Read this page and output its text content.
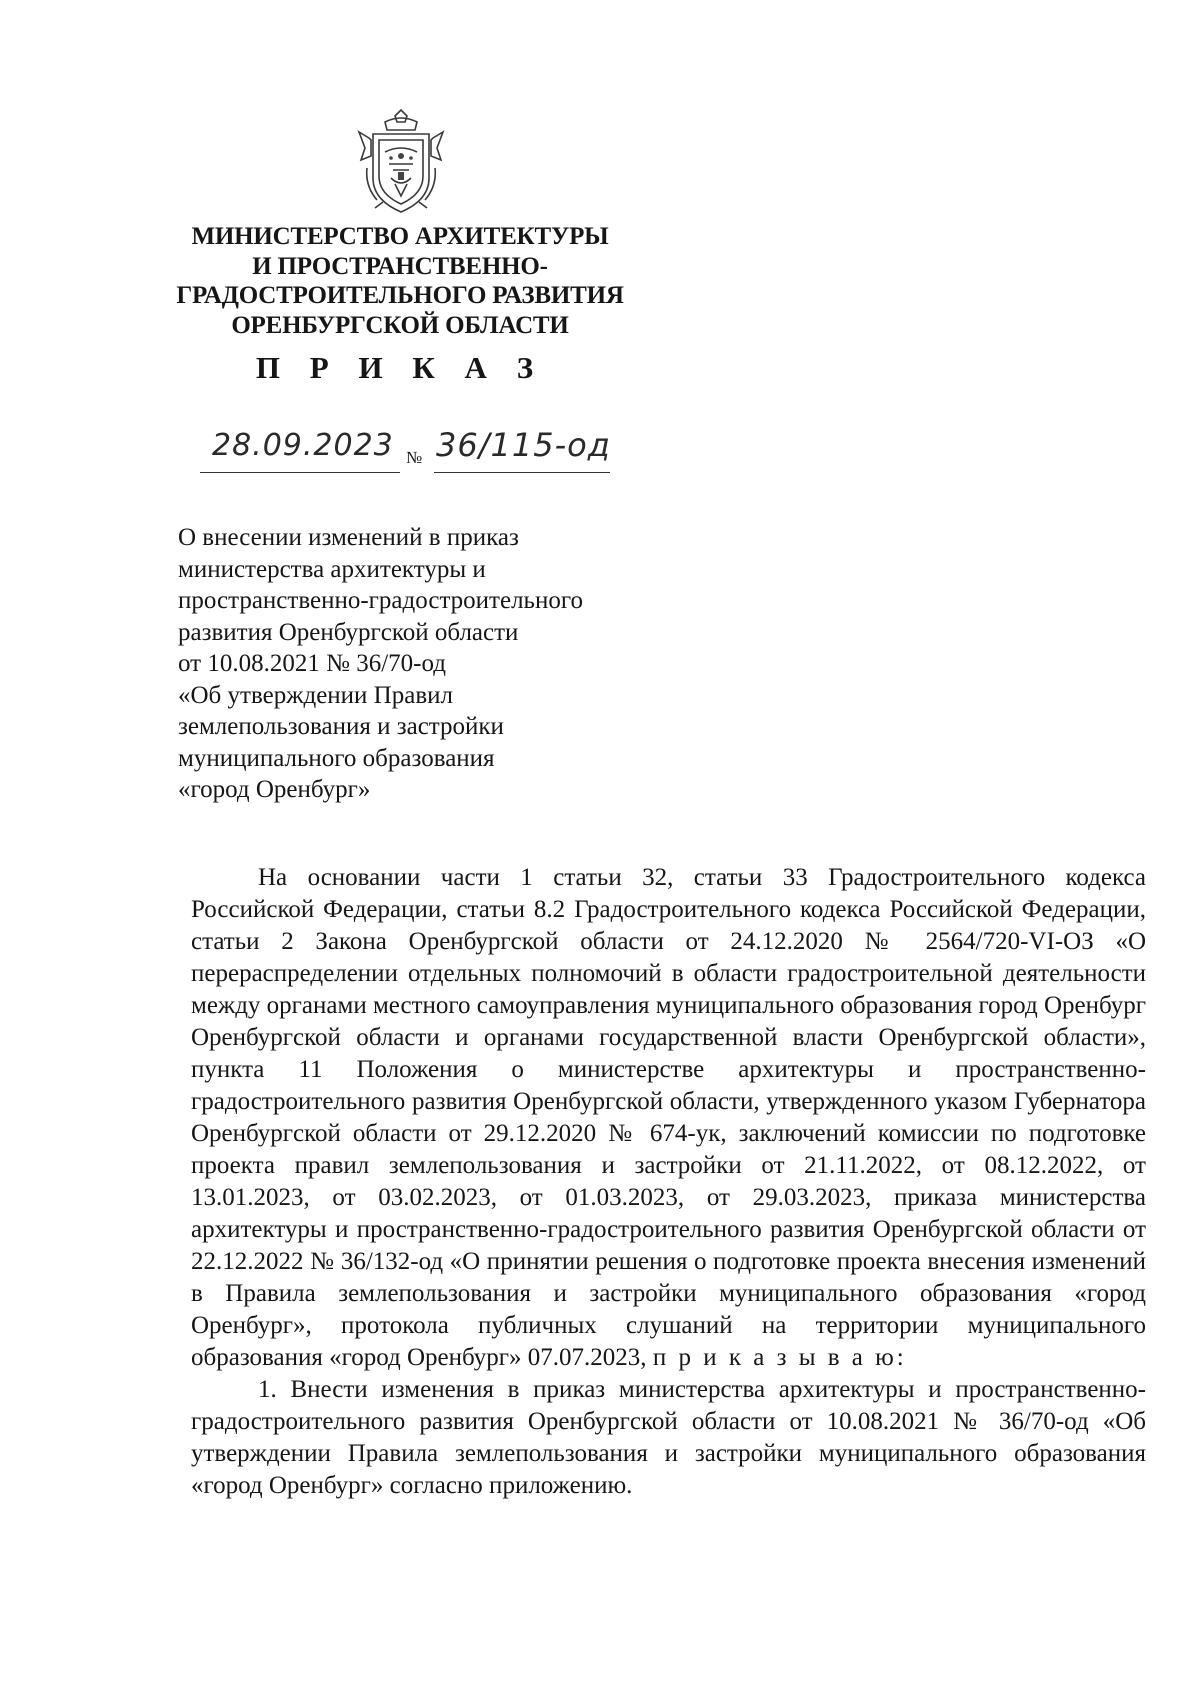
МИНИСТЕРСТВО АРХИТЕКТУРЫ
И ПРОСТРАНСТВЕННО-
ГРАДОСТРОИТЕЛЬНОГО РАЗВИТИЯ
ОРЕНБУРГСКОЙ ОБЛАСТИ
П Р И К А З
28.09.2023 № 36/115-од
О внесении изменений в приказ
министерства архитектуры и
пространственно-градостроительного
развития Оренбургской области
от 10.08.2021 № 36/70-од
«Об утверждении Правил
землепользования и застройки
муниципального образования
«город Оренбург»

На основании части 1 статьи 32, статьи 33 Градостроительного кодекса Российской Федерации, статьи 8.2 Градостроительного кодекса Российской Федерации, статьи 2 Закона Оренбургской области от 24.12.2020 № 2564/720-VI-ОЗ «О перераспределении отдельных полномочий в области градостроительной деятельности между органами местного самоуправления муниципального образования город Оренбург Оренбургской области и органами государственной власти Оренбургской области», пункта 11 Положения о министерстве архитектуры и пространственно-градостроительного развития Оренбургской области, утвержденного указом Губернатора Оренбургской области от 29.12.2020 № 674-ук, заключений комиссии по подготовке проекта правил землепользования и застройки от 21.11.2022, от 08.12.2022, от 13.01.2023, от 03.02.2023, от 01.03.2023, от 29.03.2023, приказа министерства архитектуры и пространственно-градостроительного развития Оренбургской области от 22.12.2022 № 36/132-од «О принятии решения о подготовке проекта внесения изменений в Правила землепользования и застройки муниципального образования «город Оренбург», протокола публичных слушаний на территории муниципального образования «город Оренбург» 07.07.2023, п р и к а з ы в а ю:

1. Внести изменения в приказ министерства архитектуры и пространственно-градостроительного развития Оренбургской области от 10.08.2021 № 36/70-од «Об утверждении Правила землепользования и застройки муниципального образования «город Оренбург» согласно приложению.
